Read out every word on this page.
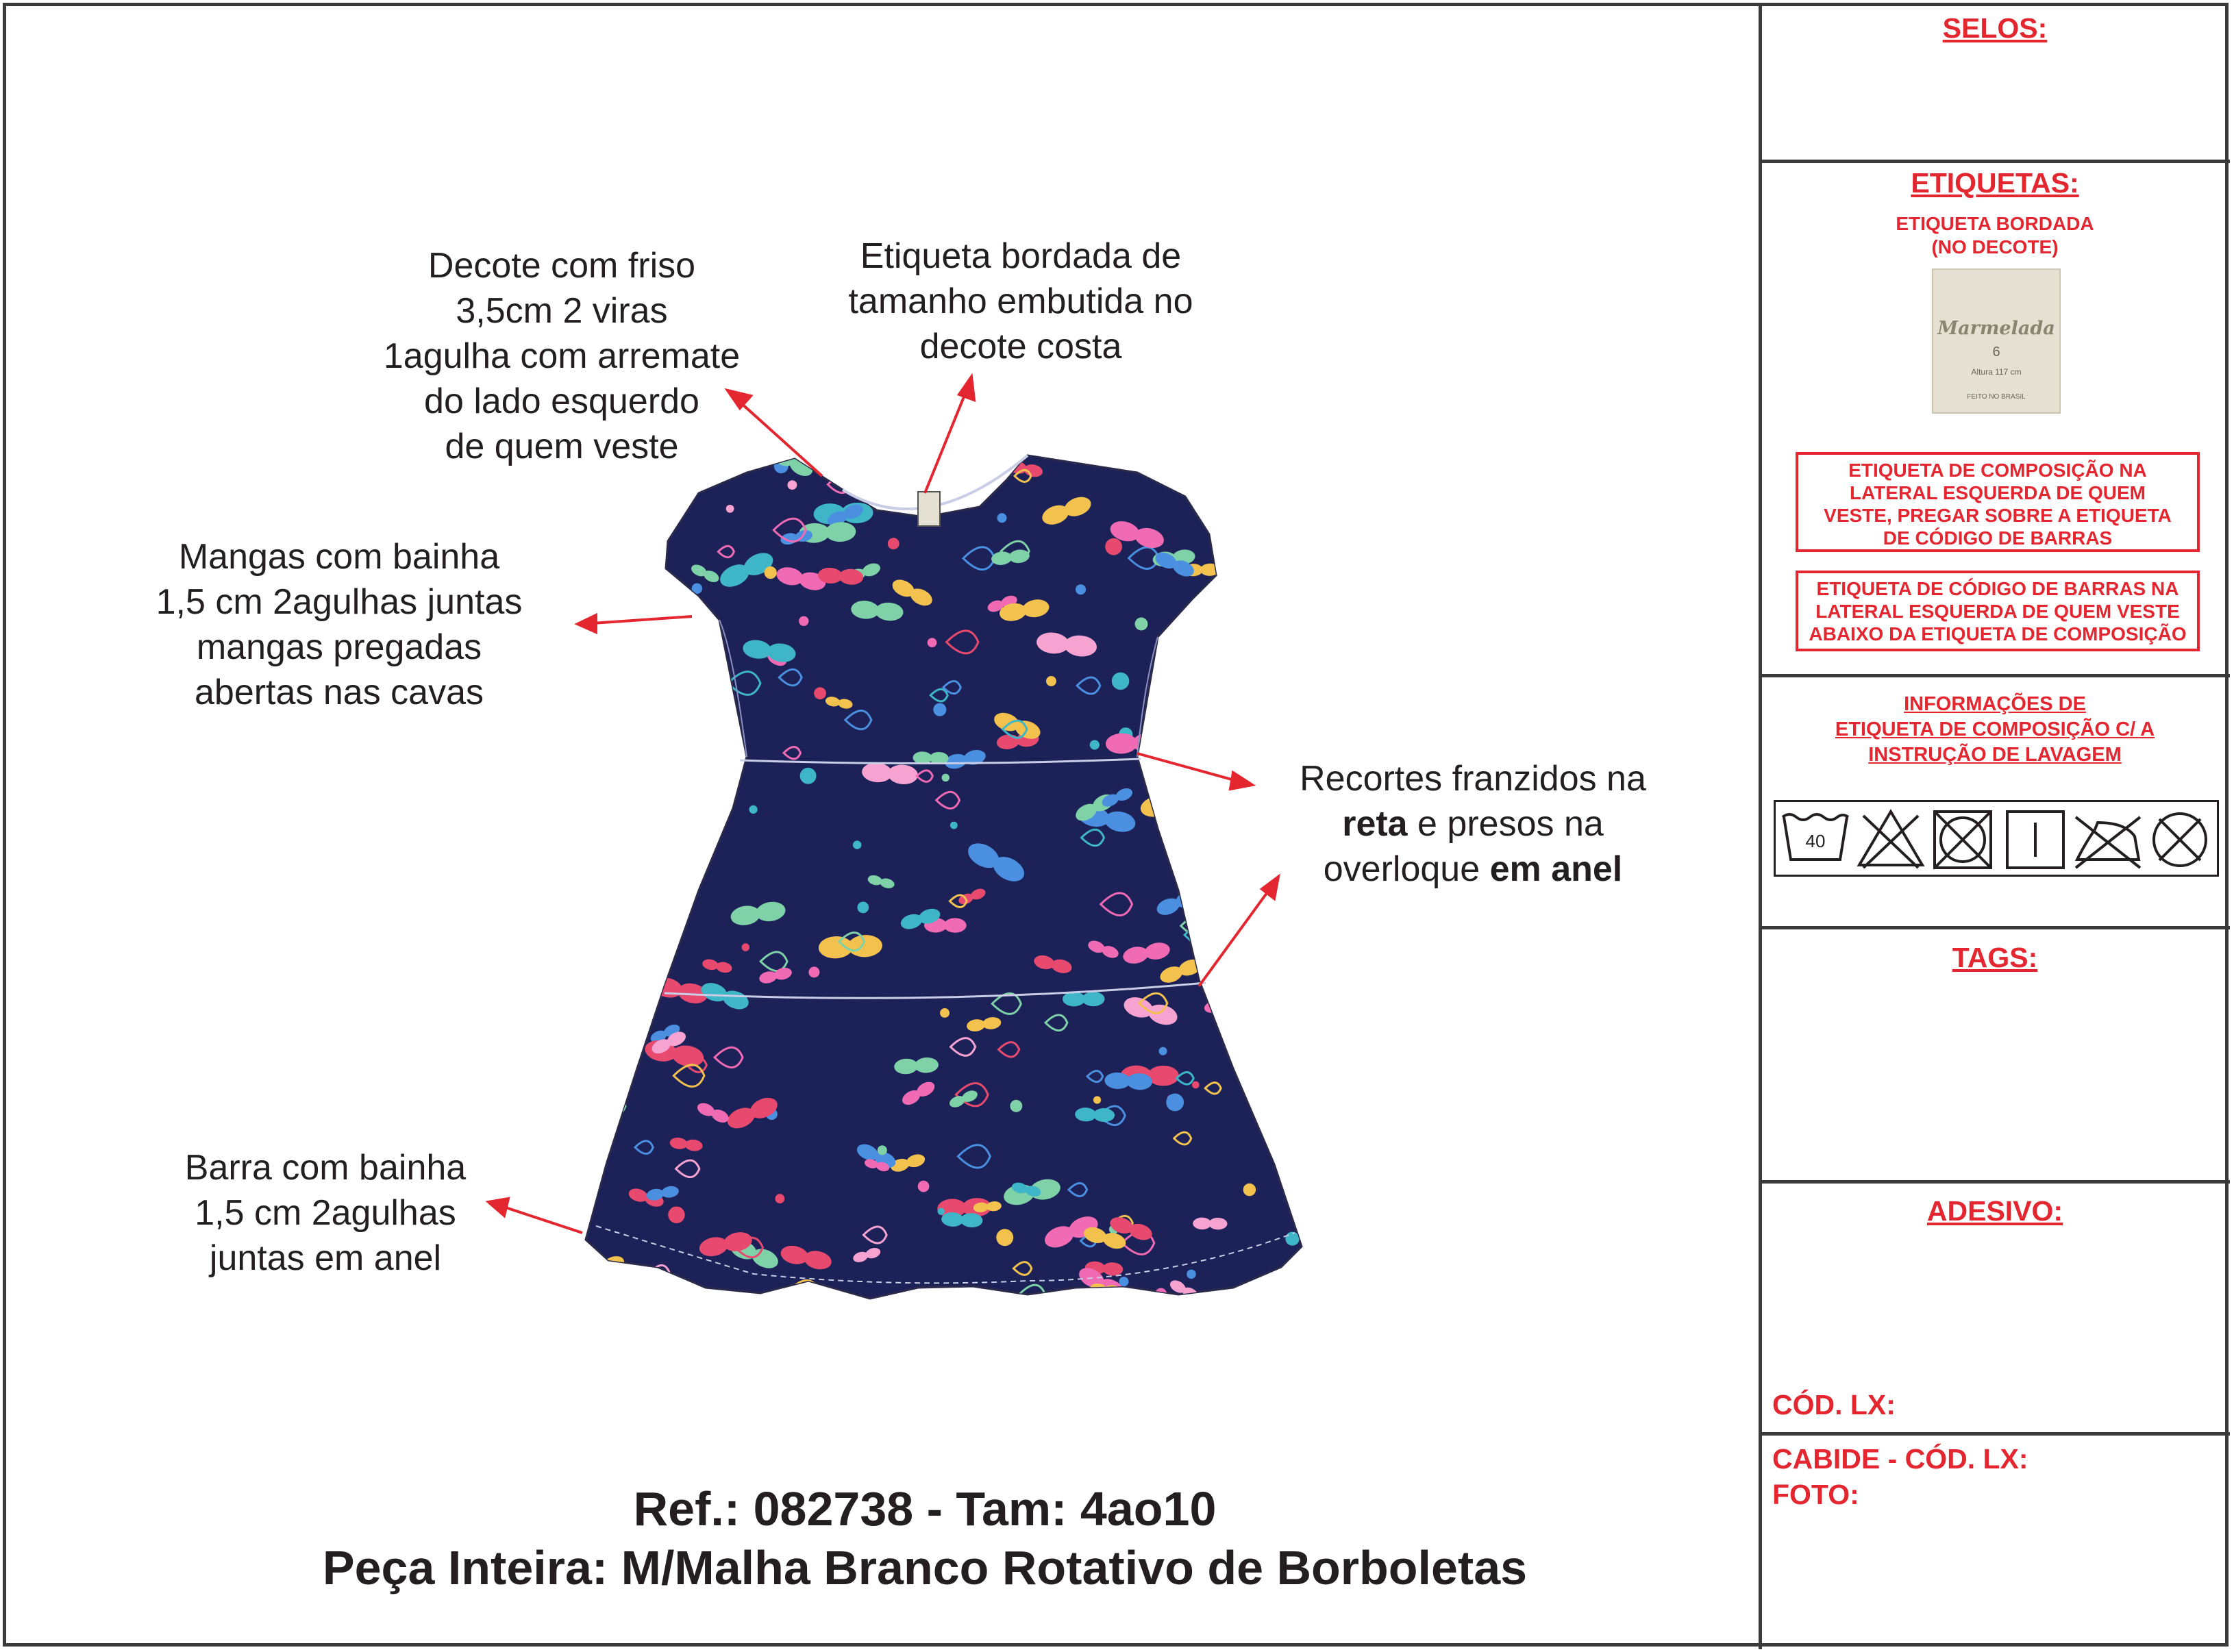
Decote com friso
3,5cm 2 viras
1agulha com arremate
do lado esquerdo
de quem veste
Etiqueta bordada de
tamanho embutida no
decote costa
Mangas com bainha
1,5 cm 2agulhas juntas
mangas pregadas
abertas nas cavas
Recortes franzidos na
reta e presos na
overloque em anel
Barra com bainha
1,5 cm 2agulhas
juntas em anel
Ref.: 082738 - Tam: 4ao10
Peça Inteira: M/Malha Branco Rotativo de Borboletas
SELOS:
ETIQUETAS:
ETIQUETA BORDADA
(NO DECOTE)
Marmelada
6
Altura 117 cm
FEITO NO BRASIL
ETIQUETA DE COMPOSIÇÃO NA
LATERAL ESQUERDA DE QUEM
VESTE, PREGAR SOBRE A ETIQUETA
DE CÓDIGO DE BARRAS
ETIQUETA DE CÓDIGO DE BARRAS NA
LATERAL ESQUERDA DE QUEM VESTE
ABAIXO DA ETIQUETA DE COMPOSIÇÃO
INFORMAÇÕES DE
ETIQUETA DE COMPOSIÇÃO C/ A
INSTRUÇÃO DE LAVAGEM
40
TAGS:
ADESIVO:
CÓD. LX:
CABIDE - CÓD. LX:
FOTO:
